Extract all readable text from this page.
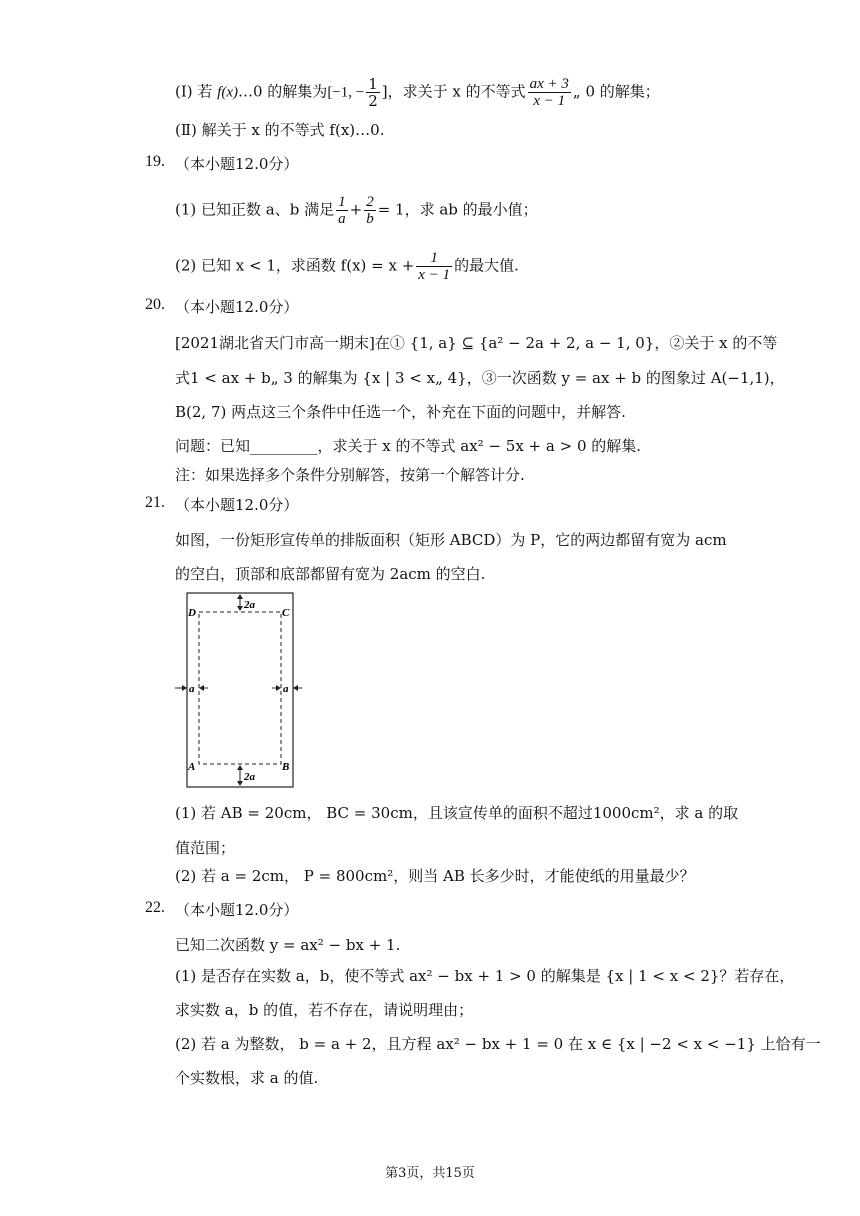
(Ⅰ) 若 f(x)…0 的解集为[−1, − $\frac{1}{2}$ ]，求关于 x 的不等式 $\frac{ax + 3}{x - 1}$ „ 0 的解集；
(Ⅱ) 解关于 x 的不等式 f(x)…0.
19. （本小题12.0分）
(1) 已知正数 a、b 满足 $\frac{1}{a} + \frac{2}{b} = 1$，求 ab 的最小值；
(2) 已知 x < 1，求函数 $f(x) = x + \frac{1}{x - 1}$ 的最大值.
20. （本小题12.0分）
[2021湖北省天门市高一期末]在① {1, a} ⊆ {a² − 2a + 2, a − 1, 0}，②关于 x 的不等
式1 < ax + b„ 3 的解集为 {x | 3 < x„ 4}，③一次函数 y = ax + b 的图象过 A(−1,1)，
B(2, 7) 两点这三个条件中任选一个，补充在下面的问题中，并解答.
问题：已知_________，求关于 x 的不等式 ax² − 5x + a > 0 的解集.
注：如果选择多个条件分别解答，按第一个解答计分.
21. （本小题12.0分）
如图，一份矩形宣传单的排版面积（矩形 ABCD）为 P，它的两边都留有宽为 acm
的空白，顶部和底部都留有宽为 2acm 的空白.
2a
2a
a	a
D	C
A	B
(1) 若 AB = 20cm， BC = 30cm，且该宣传单的面积不超过1000cm²，求 a 的取
值范围；
(2) 若 a = 2cm， P = 800cm²，则当 AB 长多少时，才能使纸的用量最少？
22. （本小题12.0分）
已知二次函数 y = ax² − bx + 1.
(1) 是否存在实数 a，b，使不等式 ax² − bx + 1 > 0 的解集是 {x | 1 < x < 2}？若存在，
求实数 a，b 的值，若不存在，请说明理由；
(2) 若 a 为整数， b = a + 2，且方程 ax² − bx + 1 = 0 在 x ∈ {x | −2 < x < −1} 上恰有一
个实数根，求 a 的值.
第3页，共15页
